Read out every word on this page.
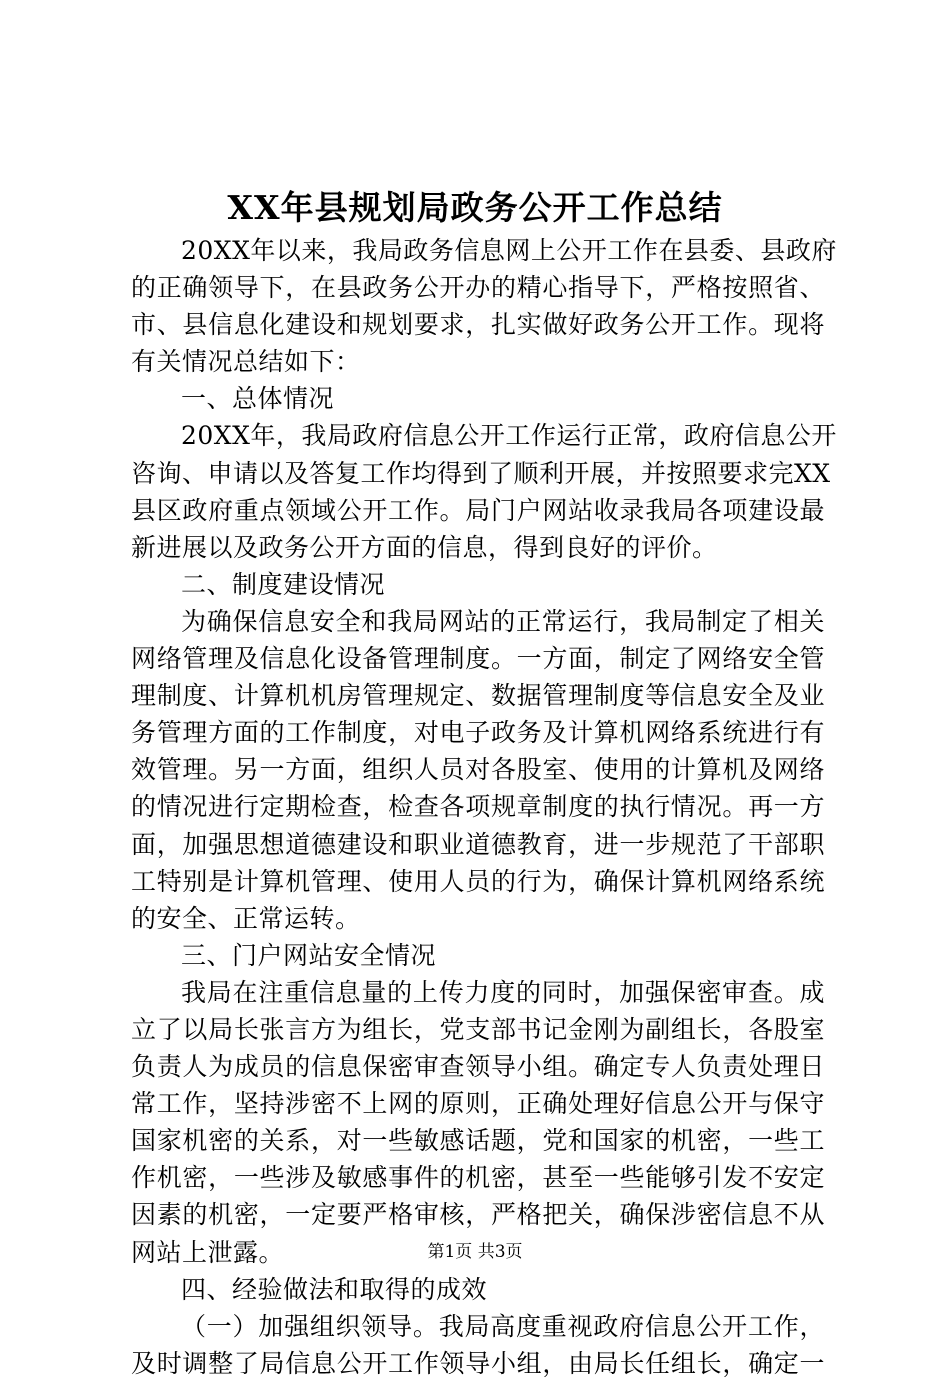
XX年县规划局政务公开工作总结
20XX年以来，我局政务信息网上公开工作在县委、县政府
的正确领导下，在县政务公开办的精心指导下，严格按照省、
市、县信息化建设和规划要求，扎实做好政务公开工作。现将
有关情况总结如下：
一、总体情况
20XX年，我局政府信息公开工作运行正常，政府信息公开
咨询、申请以及答复工作均得到了顺利开展，并按照要求完XX
县区政府重点领域公开工作。局门户网站收录我局各项建设最
新进展以及政务公开方面的信息，得到良好的评价。
二、制度建设情况
为确保信息安全和我局网站的正常运行，我局制定了相关
网络管理及信息化设备管理制度。一方面，制定了网络安全管
理制度、计算机机房管理规定、数据管理制度等信息安全及业
务管理方面的工作制度，对电子政务及计算机网络系统进行有
效管理。另一方面，组织人员对各股室、使用的计算机及网络
的情况进行定期检查，检查各项规章制度的执行情况。再一方
面，加强思想道德建设和职业道德教育，进一步规范了干部职
工特别是计算机管理、使用人员的行为，确保计算机网络系统
的安全、正常运转。
三、门户网站安全情况
我局在注重信息量的上传力度的同时，加强保密审查。成
立了以局长张言方为组长，党支部书记金刚为副组长，各股室
负责人为成员的信息保密审查领导小组。确定专人负责处理日
常工作，坚持涉密不上网的原则，正确处理好信息公开与保守
国家机密的关系，对一些敏感话题，党和国家的机密，一些工
作机密，一些涉及敏感事件的机密，甚至一些能够引发不安定
因素的机密，一定要严格审核，严格把关，确保涉密信息不从
网站上泄露。
四、经验做法和取得的成效
（一）加强组织领导。我局高度重视政府信息公开工作，
及时调整了局信息公开工作领导小组，由局长任组长，确定一
第1页 共3页
